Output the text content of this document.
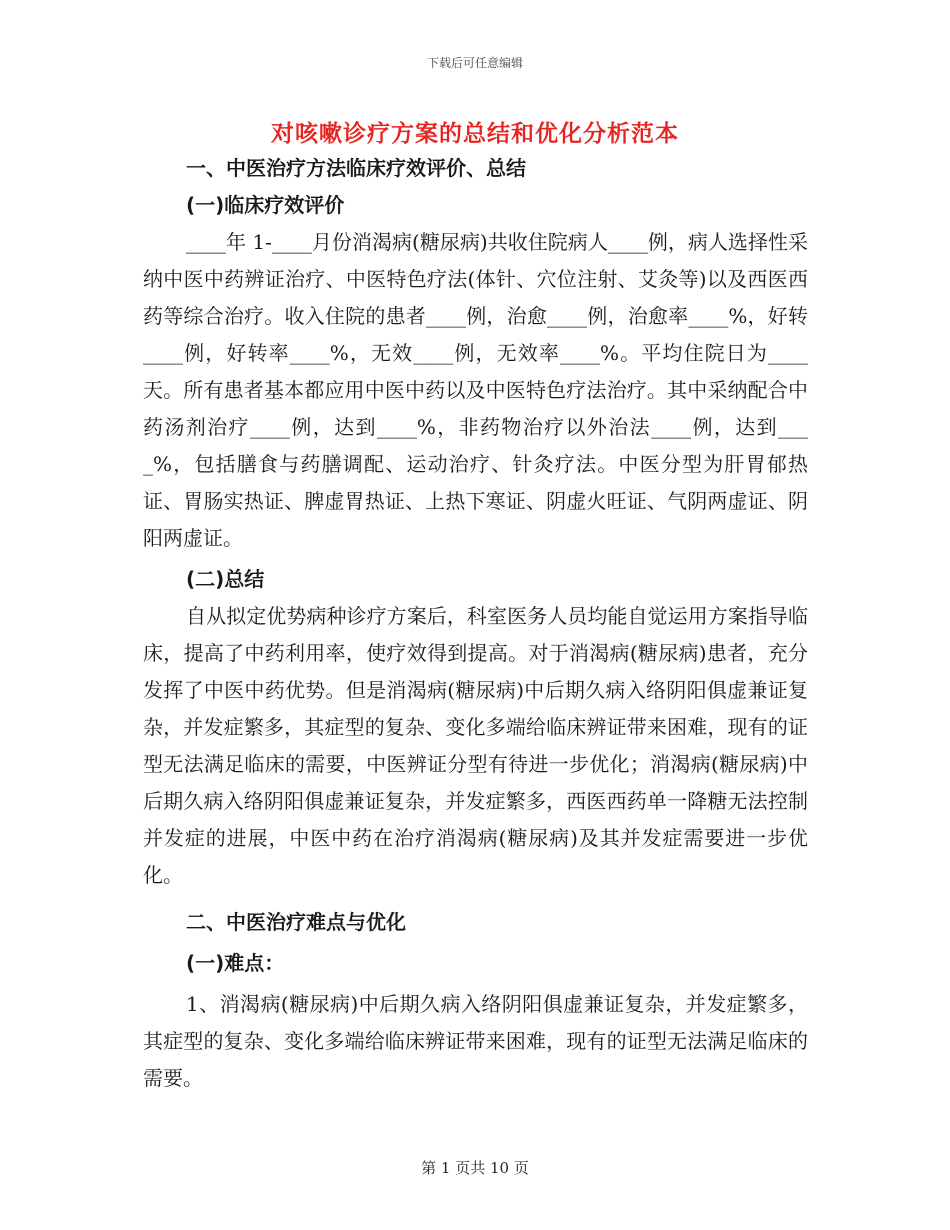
下载后可任意编辑
对咳嗽诊疗方案的总结和优化分析范本

一、中医治疗方法临床疗效评价、总结

(一)临床疗效评价

____年 1-____月份消渴病(糖尿病)共收住院病人____例，病人选择性采纳中医中药辨证治疗、中医特色疗法(体针、穴位注射、艾灸等)以及西医西药等综合治疗。收入住院的患者____例，治愈____例，治愈率____%，好转____例，好转率____%，无效____例，无效率____%。平均住院日为____天。所有患者基本都应用中医中药以及中医特色疗法治疗。其中采纳配合中药汤剂治疗____例，达到____%，非药物治疗以外治法____例，达到____%，包括膳食与药膳调配、运动治疗、针灸疗法。中医分型为肝胃郁热证、胃肠实热证、脾虚胃热证、上热下寒证、阴虚火旺证、气阴两虚证、阴阳两虚证。

(二)总结

自从拟定优势病种诊疗方案后，科室医务人员均能自觉运用方案指导临床，提高了中药利用率，使疗效得到提高。对于消渴病(糖尿病)患者，充分发挥了中医中药优势。但是消渴病(糖尿病)中后期久病入络阴阳俱虚兼证复杂，并发症繁多，其症型的复杂、变化多端给临床辨证带来困难，现有的证型无法满足临床的需要，中医辨证分型有待进一步优化；消渴病(糖尿病)中后期久病入络阴阳俱虚兼证复杂，并发症繁多，西医西药单一降糖无法控制并发症的进展，中医中药在治疗消渴病(糖尿病)及其并发症需要进一步优化。

二、中医治疗难点与优化

(一)难点：

1、消渴病(糖尿病)中后期久病入络阴阳俱虚兼证复杂，并发症繁多，其症型的复杂、变化多端给临床辨证带来困难，现有的证型无法满足临床的需要。

第 1 页共 10 页
